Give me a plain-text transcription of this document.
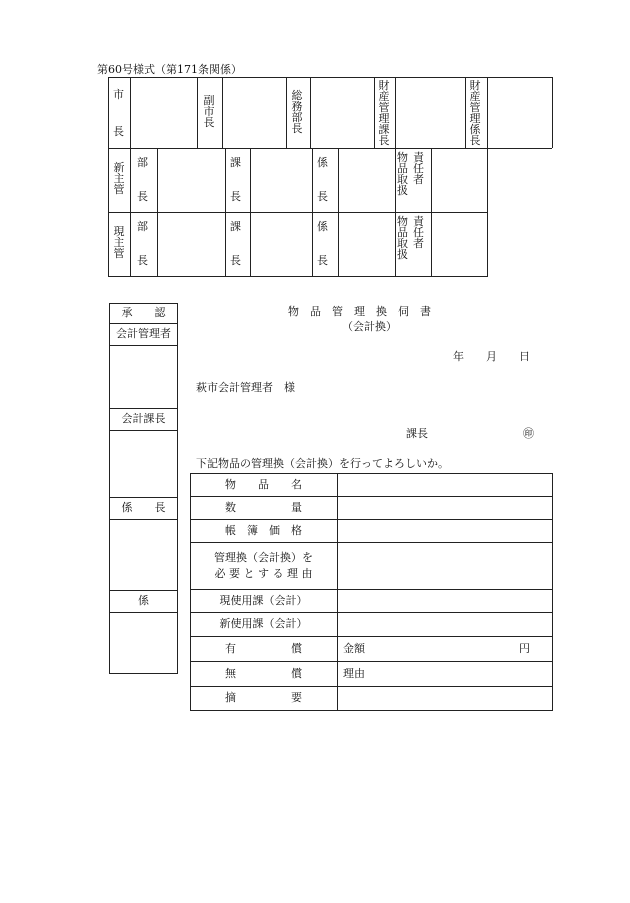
第60号様式（第171条関係）
市
長
副市長
総務部長
財産管理課長
財産管理係長
新主管
部
長
課
長
係
長
物
品
取
扱
責
任
者
現主管
部
長
課
長
係
長
物
品
取
扱
責
任
者
承　　認
会計管理者
会計課長
係　　長
係
物　品　管　理　換　伺　書
（会計換）
年　　月　　日
萩市会計管理者　様
課長	㊞
下記物品の管理換（会計換）を行ってよろしいか。
物　　品　　名
数　　　　　量
帳　簿　価　格
管理換（会計換）を
必 要 と す る 理 由
現使用課（会計）
新使用課（会計）
有　　　　　償
無　　　　　償
摘　　　　　要
金額	円
理由
